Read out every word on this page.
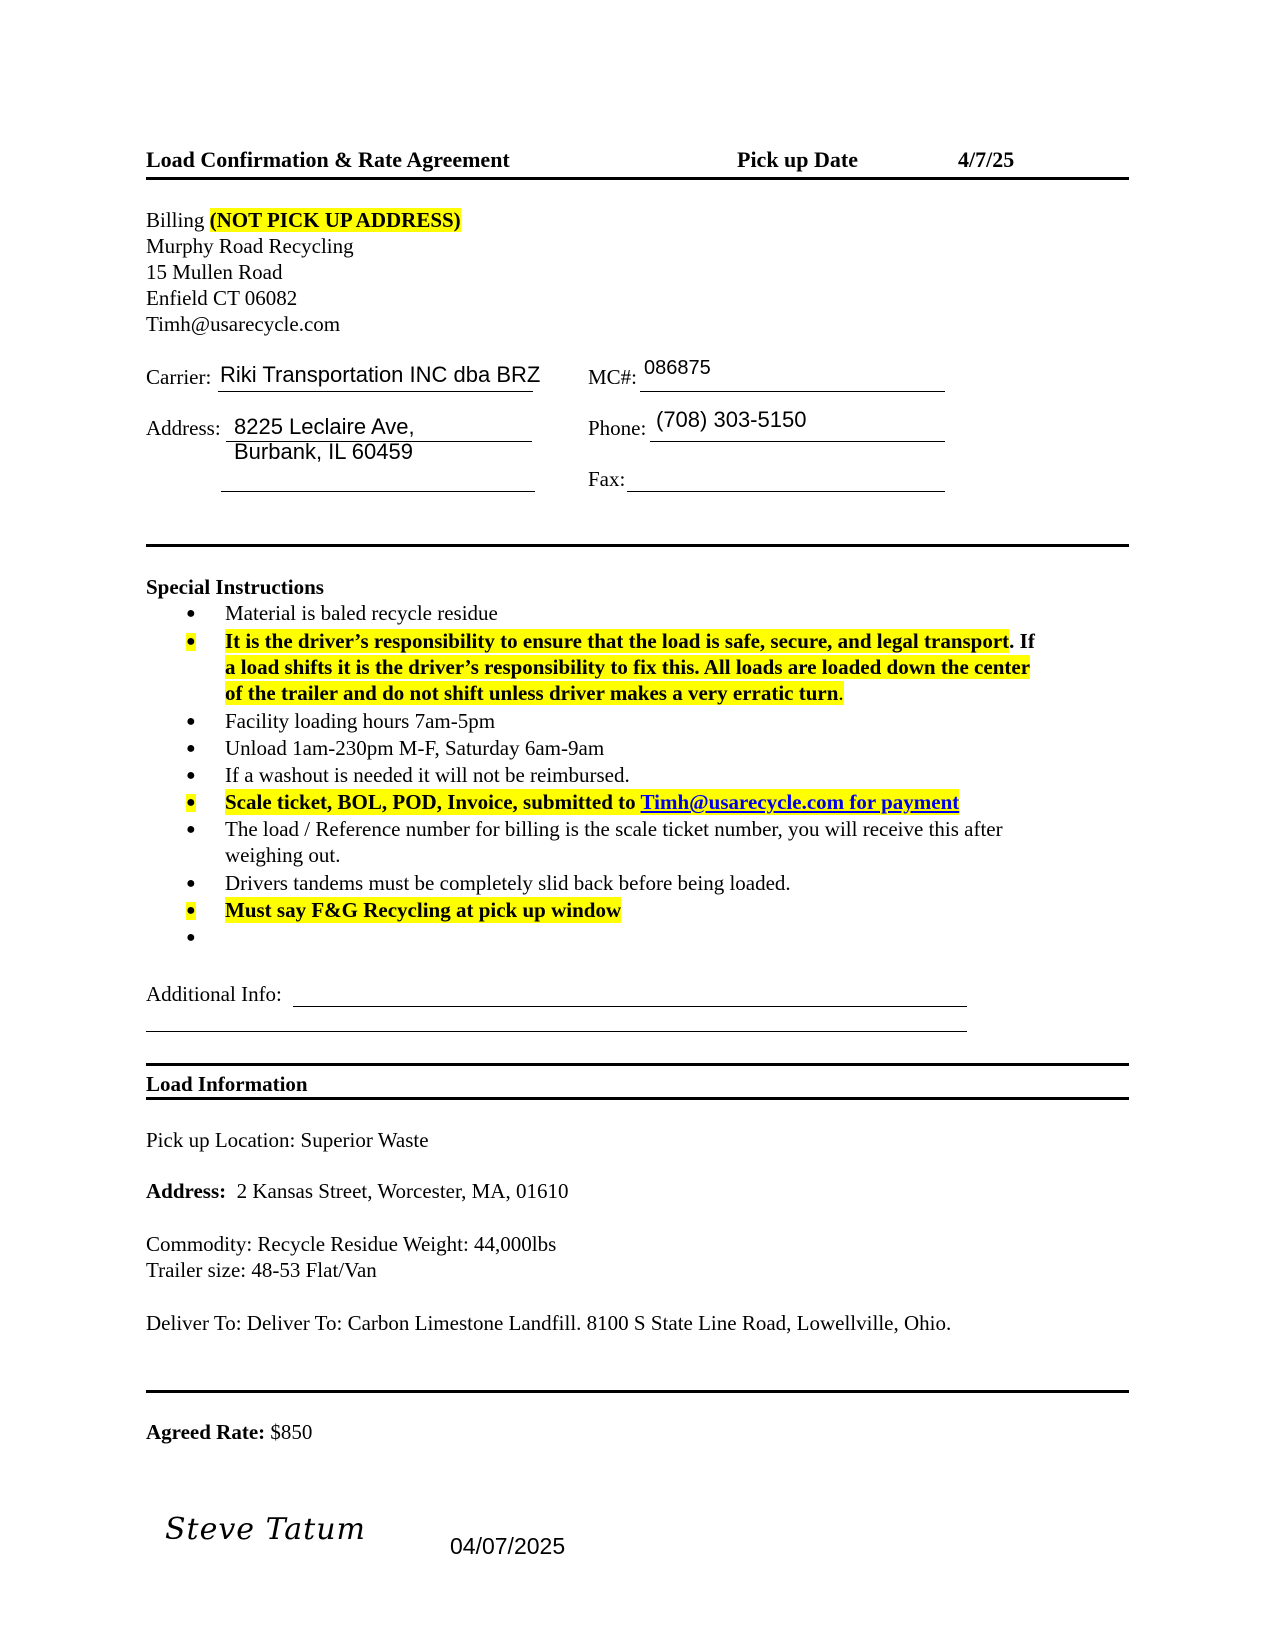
Load Confirmation & Rate Agreement	Pick up Date	4/7/25
Billing (NOT PICK UP ADDRESS)
Murphy Road Recycling
15 Mullen Road
Enfield CT 06082
Timh@usarecycle.com
Carrier: Riki Transportation INC dba BRZ MC#: 086875
Address: 8225 Leclaire Ave,
Burbank, IL 60459
Phone: (708) 303-5150
Fax:
Special Instructions
● Material is baled recycle residue
● It is the driver’s responsibility to ensure that the load is safe, secure, and legal transport. If
a load shifts it is the driver’s responsibility to fix this. All loads are loaded down the center
of the trailer and do not shift unless driver makes a very erratic turn.
● Facility loading hours 7am-5pm
● Unload 1am-230pm M-F, Saturday 6am-9am
● If a washout is needed it will not be reimbursed.
● Scale ticket, BOL, POD, Invoice, submitted to Timh@usarecycle.com for payment
● The load / Reference number for billing is the scale ticket number, you will receive this after
weighing out.
● Drivers tandems must be completely slid back before being loaded.
● Must say F&G Recycling at pick up window
●
Additional Info:
Load Information
Pick up Location: Superior Waste
Address: 2 Kansas Street, Worcester, MA, 01610
Commodity: Recycle Residue Weight: 44,000lbs
Trailer size: 48-53 Flat/Van
Deliver To: Deliver To: Carbon Limestone Landfill. 8100 S State Line Road, Lowellville, Ohio.
Agreed Rate: $850
Steve Tatum	04/07/2025
